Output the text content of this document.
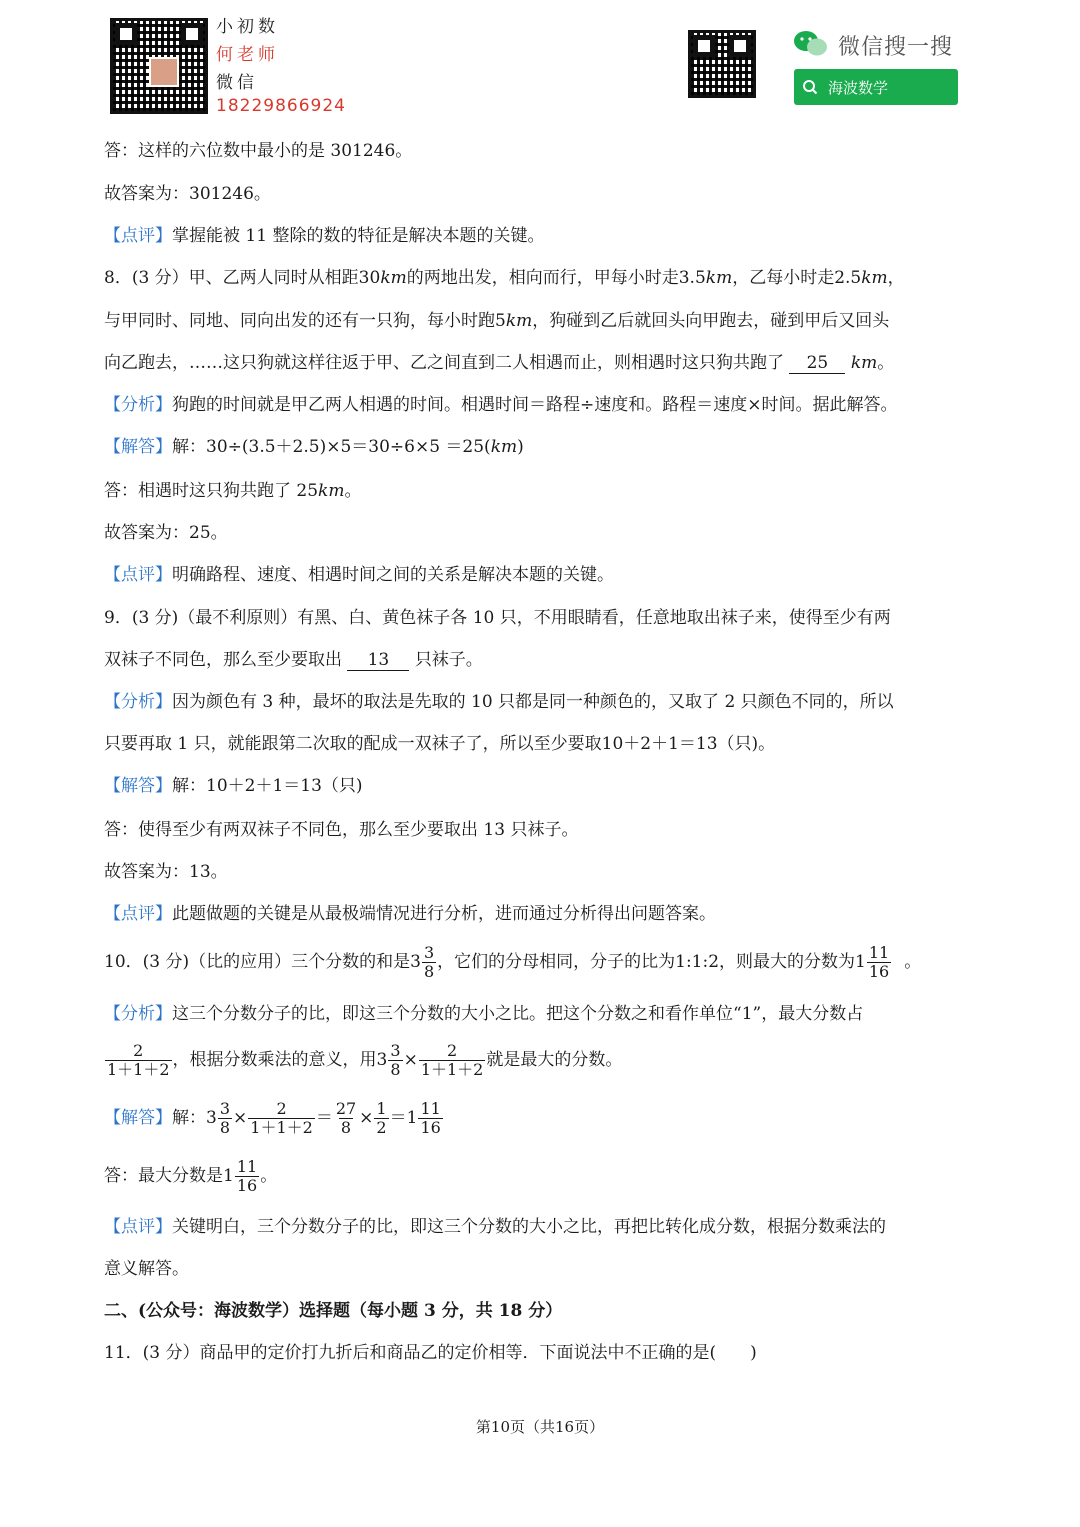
小初数
何老师
微信
18229866924
微信搜一搜
海波数学
答：这样的六位数中最小的是 301246。
故答案为：301246。
【点评】掌握能被 11 整除的数的特征是解决本题的关键。
8．(3 分）甲、乙两人同时从相距30km的两地出发，相向而行，甲每小时走3.5km，乙每小时走2.5km，
与甲同时、同地、同向出发的还有一只狗，每小时跑5km，狗碰到乙后就回头向甲跑去，碰到甲后又回头
向乙跑去，……这只狗就这样往返于甲、乙之间直到二人相遇而止，则相遇时这只狗共跑了 25 km。
【分析】狗跑的时间就是甲乙两人相遇的时间。相遇时间＝路程÷速度和。路程＝速度×时间。据此解答。
【解答】解：30÷(3.5＋2.5)×5＝30÷6×5 ＝25(km)
答：相遇时这只狗共跑了 25km。
故答案为：25。
【点评】明确路程、速度、相遇时间之间的关系是解决本题的关键。
9．(3 分)（最不利原则）有黑、白、黄色袜子各 10 只，不用眼睛看，任意地取出袜子来，使得至少有两
双袜子不同色，那么至少要取出 13 只袜子。
【分析】因为颜色有 3 种，最坏的取法是先取的 10 只都是同一种颜色的，又取了 2 只颜色不同的，所以
只要再取 1 只，就能跟第二次取的配成一双袜子了，所以至少要取10＋2＋1＝13（只)。
【解答】解：10＋2＋1＝13（只)
答：使得至少有两双袜子不同色，那么至少要取出 13 只袜子。
故答案为：13。
【点评】此题做题的关键是从最极端情况进行分析，进而通过分析得出问题答案。
10．(3 分)（比的应用）三个分数的和是$3 \frac{3}{8}$ ，它们的分母相同，分子的比为1:1:2，则最大的分数为$1 \frac{11}{16}$ 。
【分析】这三个分数分子的比，即这三个分数的大小之比。把这个分数之和看作单位“1”，最大分数占
$\frac{2}{1+1+2}$ ，根据分数乘法的意义，用$3 \frac{3}{8} \times \frac{2}{1+1+2}$ 就是最大的分数。
【解答】解：$3 \frac{3}{8} \times \frac{2}{1+1+2} = \frac{27}{8} \times \frac{1}{2} =1 \frac{11}{16}$
答：最大分数是$1 \frac{11}{16}$ 。
【点评】关键明白，三个分数分子的比，即这三个分数的大小之比，再把比转化成分数，根据分数乘法的
意义解答。
二、(公众号：海波数学）选择题（每小题 3 分，共 18 分）
11．(3 分）商品甲的定价打九折后和商品乙的定价相等．下面说法中不正确的是(　　)
第10页（共16页）
